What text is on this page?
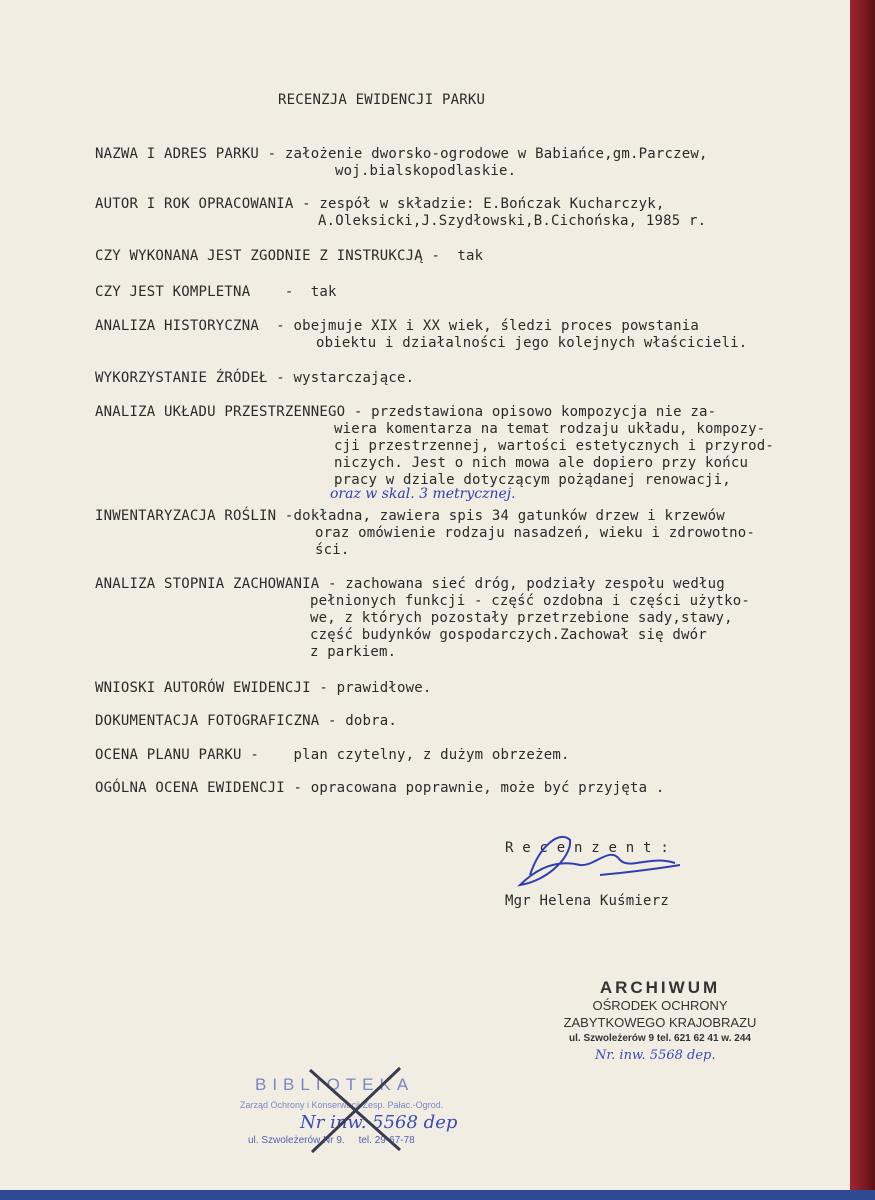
RECENZJA EWIDENCJI PARKU
NAZWA I ADRES PARKU - założenie dworsko-ogrodowe w Babiańce,gm.Parczew,
woj.bialskopodlaskie.
AUTOR I ROK OPRACOWANIA - zespół w składzie: E.Bończak Kucharczyk,
A.Oleksicki,J.Szydłowski,B.Cichońska, 1985 r.
CZY WYKONANA JEST ZGODNIE Z INSTRUKCJĄ -  tak
CZY JEST KOMPLETNA    -  tak
ANALIZA HISTORYCZNA  - obejmuje XIX i XX wiek, śledzi proces powstania
obiektu i działalności jego kolejnych właścicieli.
WYKORZYSTANIE ŹRÓDEŁ - wystarczające.
ANALIZA UKŁADU PRZESTRZENNEGO - przedstawiona opisowo kompozycja nie za-
wiera komentarza na temat rodzaju układu, kompozy-
cji przestrzennej, wartości estetycznych i przyrod-
niczych. Jest o nich mowa ale dopiero przy końcu
pracy w dziale dotyczącym pożądanej renowacji,
INWENTARYZACJA ROŚLIN -dokładna, zawiera spis 34 gatunków drzew i krzewów
oraz omówienie rodzaju nasadzeń, wieku i zdrowotno-
ści.
ANALIZA STOPNIA ZACHOWANIA - zachowana sieć dróg, podziały zespołu według
pełnionych funkcji - część ozdobna i części użytko-
we, z których pozostały przetrzebione sady,stawy,
część budynków gospodarczych.Zachował się dwór
z parkiem.
WNIOSKI AUTORÓW EWIDENCJI - prawidłowe.
DOKUMENTACJA FOTOGRAFICZNA - dobra.
OCENA PLANU PARKU -    plan czytelny, z dużym obrzeżem.
OGÓLNA OCENA EWIDENCJI - opracowana poprawnie, może być przyjęta .
R e c e n z e n t :
Mgr Helena Kuśmierz
oraz w skal. 3 metrycznej.
ARCHIWUM
OŚRODEK OCHRONY
ZABYTKOWEGO KRAJOBRAZU
ul. Szwoleżerów 9 tel. 621 62 41 w. 244
Nr. inw. 5568 dep.
BIBLIOTEKA
Zarząd Ochrony i Konserwacji Zesp. Pałac.-Ogrod.
ul. Szwoleżerów Nr 9.     tel. 29-67-78
Nr inw. 5568 dep
